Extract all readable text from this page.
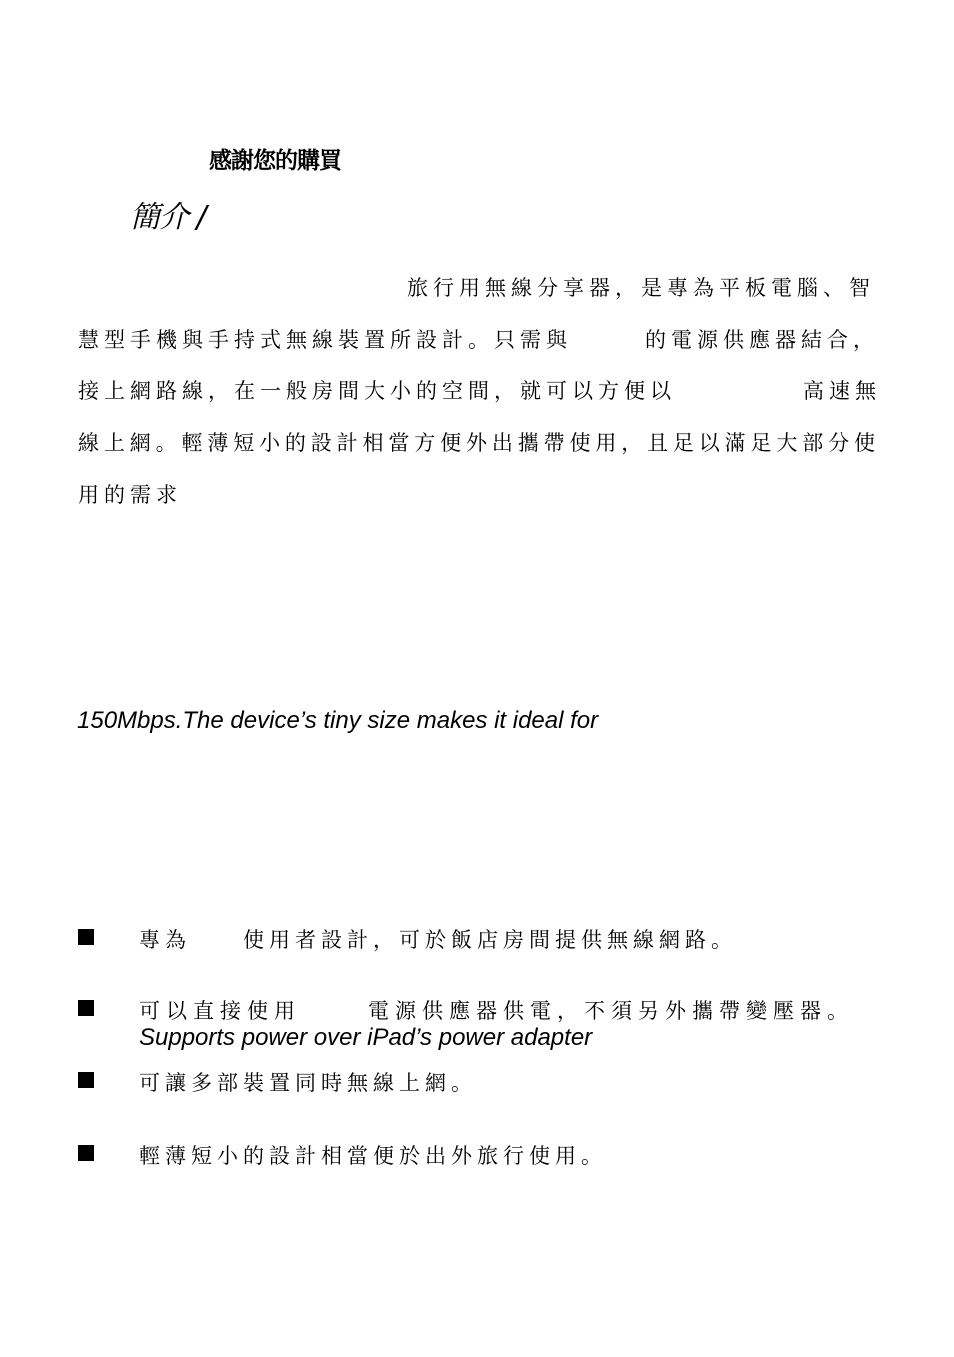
感謝您的購買
簡介 /
旅行用無線分享器，是專為平板電腦、智
慧型手機與手持式無線裝置所設計。只需與	的電源供應器結合，
接上網路線，在一般房間大小的空間，就可以方便以	高速無
線上網。輕薄短小的設計相當方便外出攜帶使用，且足以滿足大部分使
用的需求
150Mbps.The device’s tiny size makes it ideal for
專為 使用者設計，可於飯店房間提供無線網路。
可以直接使用	電源供應器供電，不須另外攜帶變壓器。
Supports power over iPad’s power adapter
可讓多部裝置同時無線上網。
輕薄短小的設計相當便於出外旅行使用。
